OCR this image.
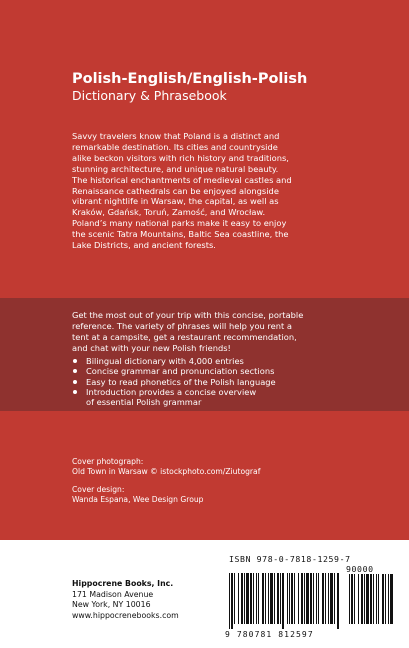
Polish-English/English-Polish
Dictionary & Phrasebook
Savvy travelers know that Poland is a distinct and
remarkable destination. Its cities and countryside
alike beckon visitors with rich history and traditions,
stunning architecture, and unique natural beauty.
The historical enchantments of medieval castles and
Renaissance cathedrals can be enjoyed alongside
vibrant nightlife in Warsaw, the capital, as well as
Kraków, Gdańsk, Toruń, Zamość, and Wrocław.
Poland’s many national parks make it easy to enjoy
the scenic Tatra Mountains, Baltic Sea coastline, the
Lake Districts, and ancient forests.
Get the most out of your trip with this concise, portable
reference. The variety of phrases will help you rent a
tent at a campsite, get a restaurant recommendation,
and chat with your new Polish friends!
Bilingual dictionary with 4,000 entries
Concise grammar and pronunciation sections
Easy to read phonetics of the Polish language
Introduction provides a concise overview
of essential Polish grammar
Cover photograph:
Old Town in Warsaw © istockphoto.com/Ziutograf
Cover design:
Wanda Espana, Wee Design Group
Hippocrene Books, Inc.
171 Madison Avenue
New York, NY 10016
www.hippocrenebooks.com
ISBN 978-0-7818-1259-7
90000
9 780781 812597
